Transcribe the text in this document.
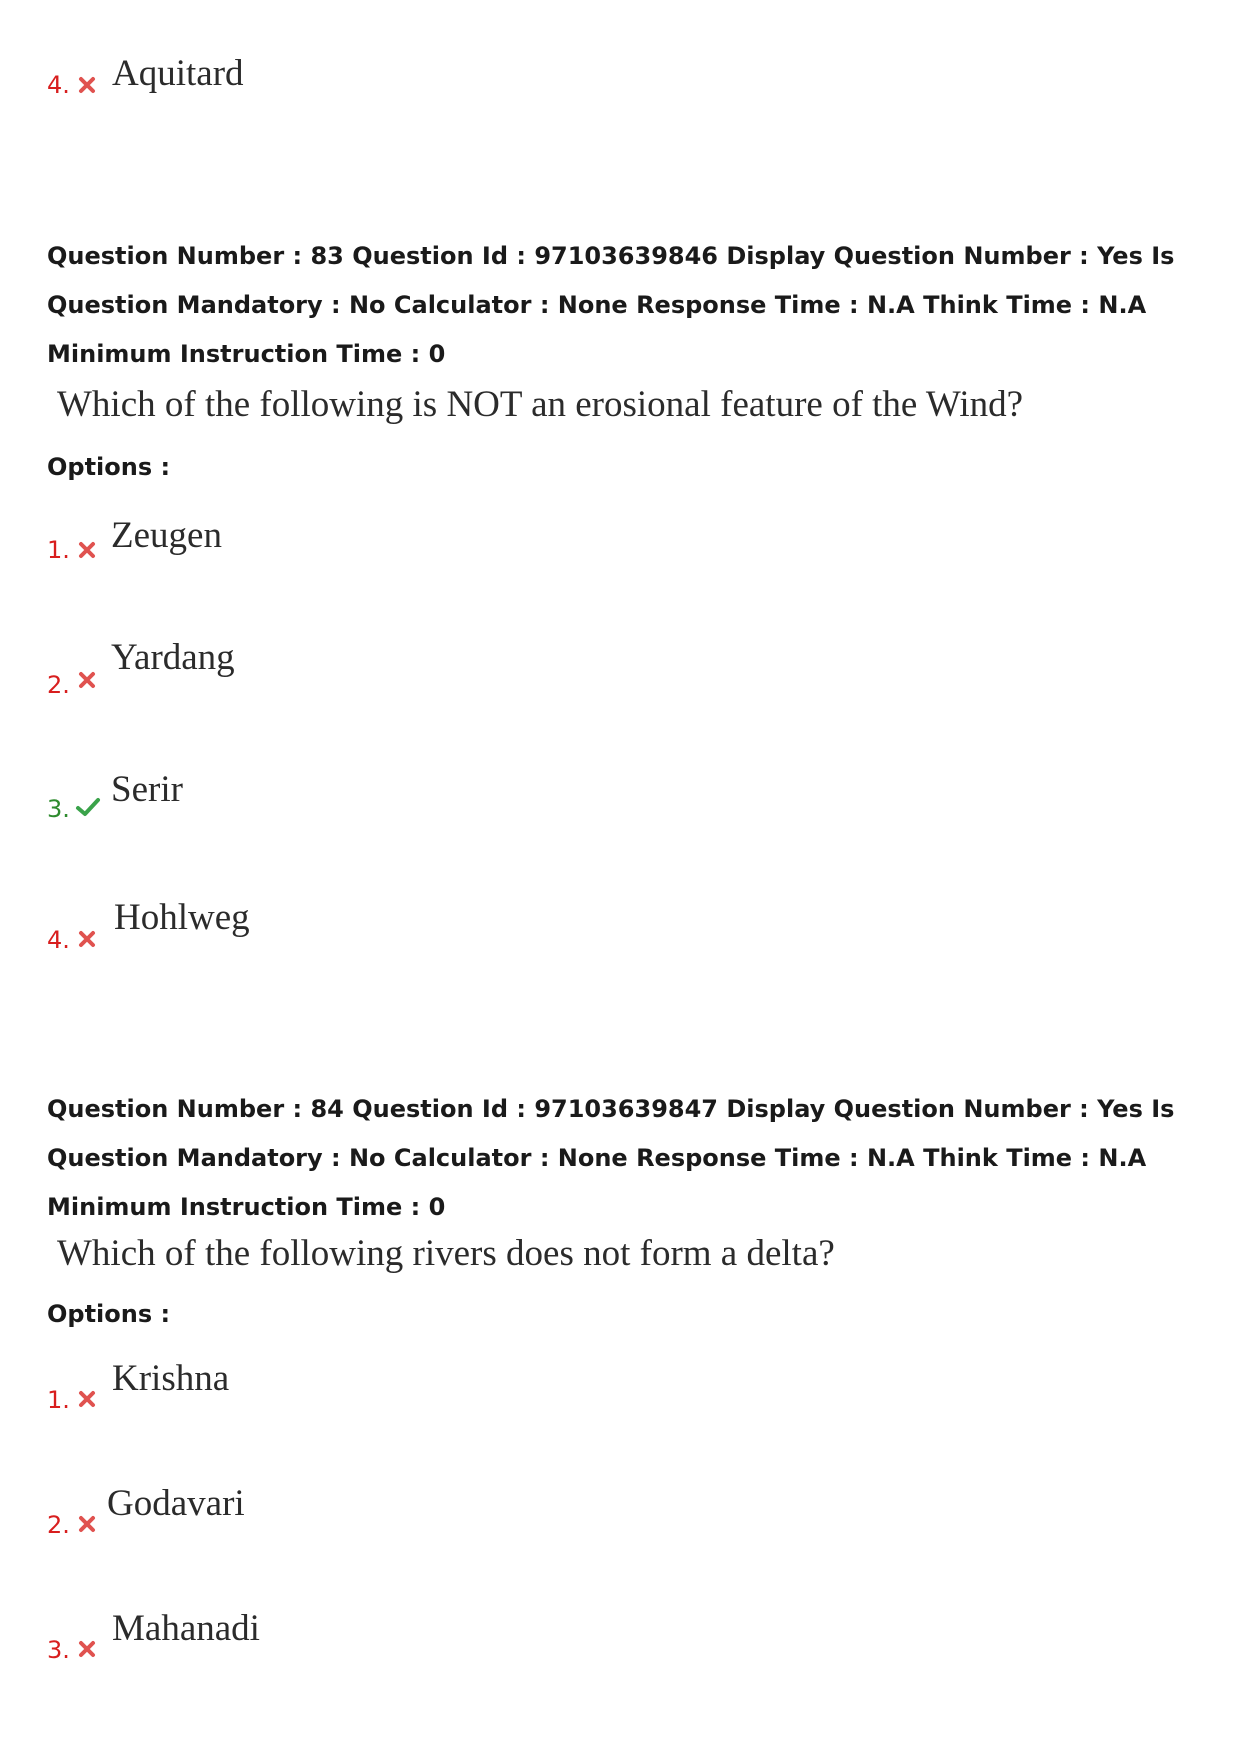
4. Aquitard
Question Number : 83 Question Id : 97103639846 Display Question Number : Yes Is Question Mandatory : No Calculator : None Response Time : N.A Think Time : N.A Minimum Instruction Time : 0
Which of the following is NOT an erosional feature of the Wind?
Options :
1. Zeugen
2.
Yardang
3. Serir
4.
Hohlweg
Question Number : 84 Question Id : 97103639847 Display Question Number : Yes Is Question Mandatory : No Calculator : None Response Time : N.A Think Time : N.A Minimum Instruction Time : 0
Which of the following rivers does not form a delta?
Options :
1.
Krishna
2.
Godavari
3.
Mahanadi
